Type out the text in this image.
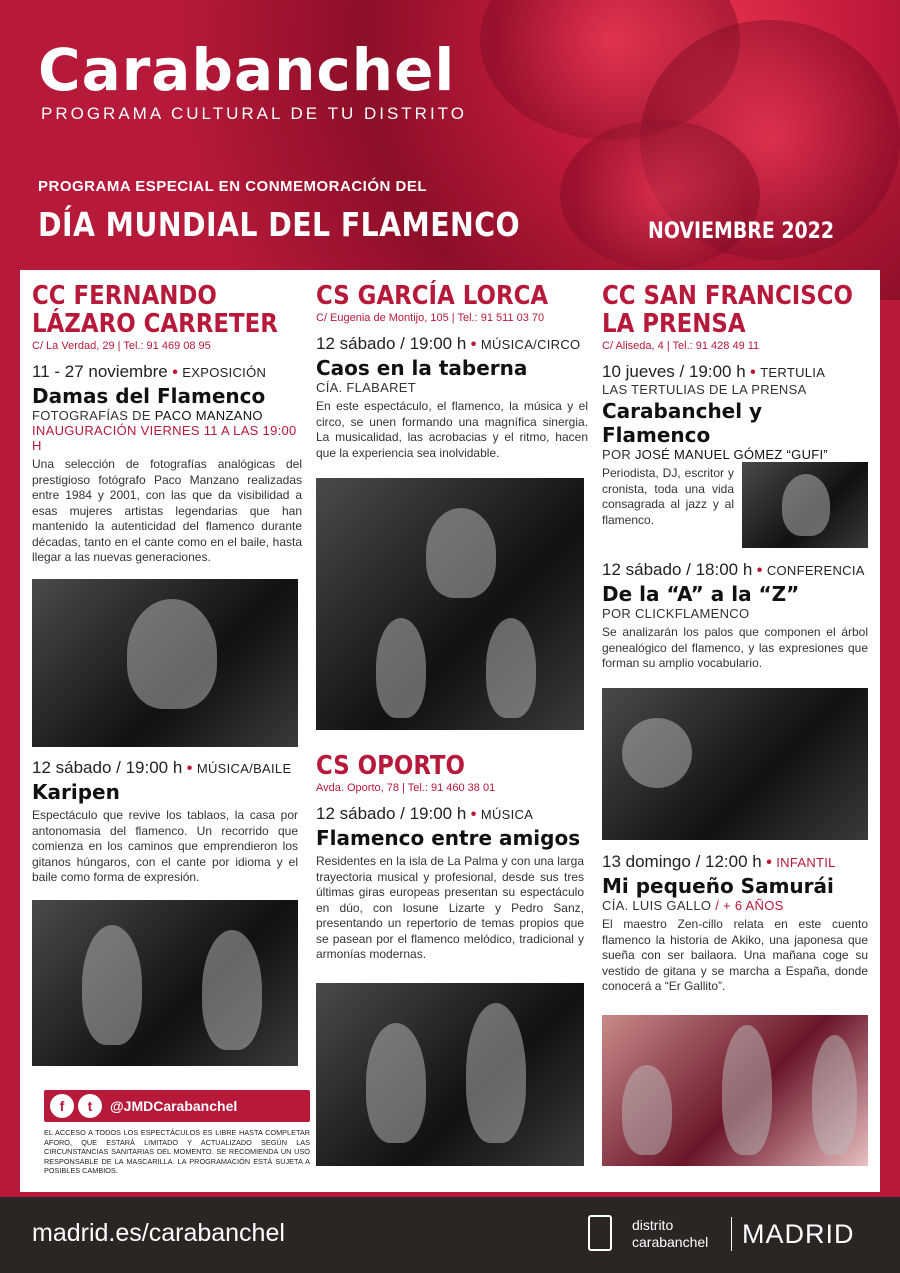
Carabanchel
PROGRAMA CULTURAL DE TU DISTRITO
PROGRAMA ESPECIAL EN CONMEMORACIÓN DEL
DÍA MUNDIAL DEL FLAMENCO	NOVIEMBRE 2022
CC FERNANDO
LÁZARO CARRETER
C/ La Verdad, 29 | Tel.: 91 469 08 95
11 - 27 noviembre • EXPOSICIÓN
Damas del Flamenco
FOTOGRAFÍAS DE PACO MANZANO
INAUGURACIÓN VIERNES 11 A LAS 19:00 H
Una selección de fotografías analógicas del prestigioso fotógrafo Paco Manzano realizadas entre 1984 y 2001, con las que da visibilidad a esas mujeres artistas legendarias que han mantenido la autenticidad del flamenco durante décadas, tanto en el cante como en el baile, hasta llegar a las nuevas generaciones.
12 sábado / 19:00 h • MÚSICA/BAILE
Karipen
Espectáculo que revive los tablaos, la casa por antonomasia del flamenco. Un recorrido que comienza en los caminos que emprendieron los gitanos húngaros, con el cante por idioma y el baile como forma de expresión.
f	t	@JMDCarabanchel
EL ACCESO A TODOS LOS ESPECTÁCULOS ES LIBRE HASTA COMPLETAR AFORO, QUE ESTARÁ LIMITADO Y ACTUALIZADO SEGÚN LAS CIRCUNSTANCIAS SANITARIAS DEL MOMENTO. SE RECOMIENDA UN USO RESPONSABLE DE LA MASCARILLA. LA PROGRAMACIÓN ESTÁ SUJETA A POSIBLES CAMBIOS.
CS GARCÍA LORCA
C/ Eugenia de Montijo, 105 | Tel.: 91 511 03 70
12 sábado / 19:00 h • MÚSICA/CIRCO
Caos en la taberna
CÍA. FLABARET
En este espectáculo, el flamenco, la música y el circo, se unen formando una magnífica sinergia. La musicalidad, las acrobacias y el ritmo, hacen que la experiencia sea inolvidable.
CS OPORTO
Avda. Oporto, 78 | Tel.: 91 460 38 01
12 sábado / 19:00 h • MÚSICA
Flamenco entre amigos
Residentes en la isla de La Palma y con una larga trayectoria musical y profesional, desde sus tres últimas giras europeas presentan su espectáculo en dúo, con Iosune Lizarte y Pedro Sanz, presentando un repertorio de temas propios que se pasean por el flamenco melódico, tradicional y armonías modernas.
CC SAN FRANCISCO
LA PRENSA
C/ Aliseda, 4 | Tel.: 91 428 49 11
10 jueves / 19:00 h • TERTULIA
LAS TERTULIAS DE LA PRENSA
Carabanchel y Flamenco
POR JOSÉ MANUEL GÓMEZ “GUFI”
Periodista, DJ, escritor y cronista, toda una vida consagrada al jazz y al flamenco.
12 sábado / 18:00 h • CONFERENCIA
De la “A” a la “Z”
POR CLICKFLAMENCO
Se analizarán los palos que componen el árbol genealógico del flamenco, y las expresiones que forman su amplio vocabulario.
13 domingo / 12:00 h • INFANTIL
Mi pequeño Samurái
CÍA. LUIS GALLO / + 6 AÑOS
El maestro Zen-cillo relata en este cuento flamenco la historia de Akiko, una japonesa que sueña con ser bailaora. Una mañana coge su vestido de gitana y se marcha a España, donde conocerá a “Er Gallito”.
madrid.es/carabanchel	distrito
carabanchel MADRID
